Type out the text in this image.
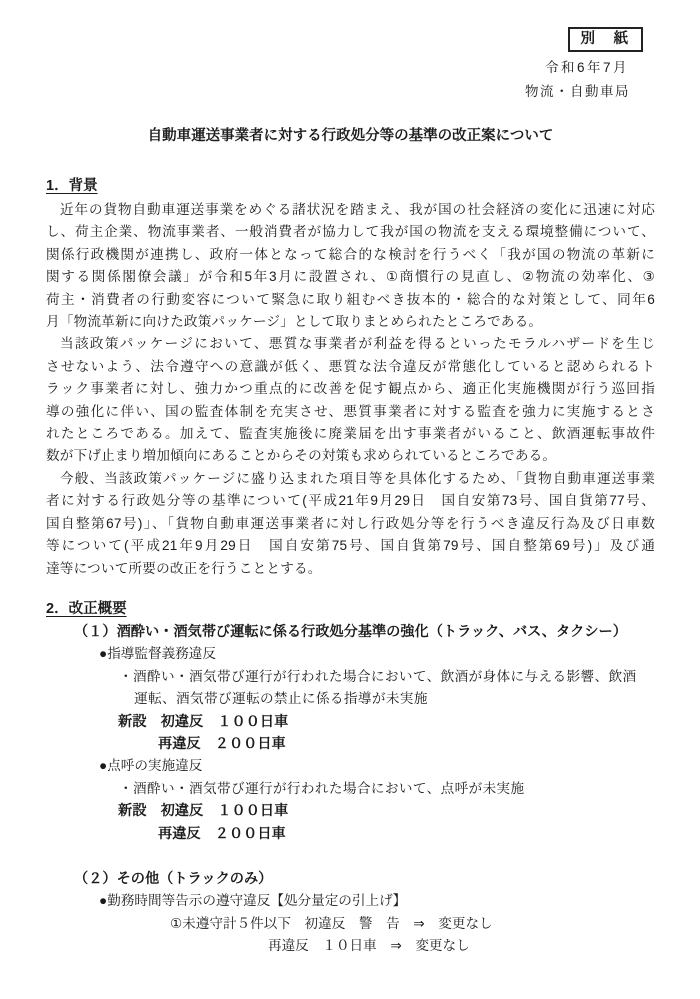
別　紙
令和6年7月
物流・自動車局
自動車運送事業者に対する行政処分等の基準の改正案について
1．背景
近年の貨物自動車運送事業をめぐる諸状況を踏まえ、我が国の社会経済の変化に迅速に対応
し、荷主企業、物流事業者、一般消費者が協力して我が国の物流を支える環境整備について、
関係行政機関が連携し、政府一体となって総合的な検討を行うべく「我が国の物流の革新に
関する関係閣僚会議」が令和5年3月に設置され、①商慣行の見直し、②物流の効率化、③
荷主・消費者の行動変容について緊急に取り組むべき抜本的・総合的な対策として、同年6
月「物流革新に向けた政策パッケージ」として取りまとめられたところである。
当該政策パッケージにおいて、悪質な事業者が利益を得るといったモラルハザードを生じ
させないよう、法令遵守への意識が低く、悪質な法令違反が常態化していると認められるト
ラック事業者に対し、強力かつ重点的に改善を促す観点から、適正化実施機関が行う巡回指
導の強化に伴い、国の監査体制を充実させ、悪質事業者に対する監査を強力に実施するとさ
れたところである。加えて、監査実施後に廃業届を出す事業者がいること、飲酒運転事故件
数が下げ止まり増加傾向にあることからその対策も求められているところである。
今般、当該政策パッケージに盛り込まれた項目等を具体化するため、「貨物自動車運送事業
者に対する行政処分等の基準について(平成21年9月29日　国自安第73号、国自貨第77号、
国自整第67号)」、「貨物自動車運送事業者に対し行政処分等を行うべき違反行為及び日車数
等について(平成21年9月29日　国自安第75号、国自貨第79号、国自整第69号)」及び通
達等について所要の改正を行うこととする。
2．改正概要
（１）酒酔い・酒気帯び運転に係る行政処分基準の強化（トラック、バス、タクシー）
●指導監督義務違反
・酒酔い・酒気帯び運行が行われた場合において、飲酒が身体に与える影響、飲酒
運転、酒気帯び運転の禁止に係る指導が未実施
新設　初違反　１００日車
再違反　２００日車
●点呼の実施違反
・酒酔い・酒気帯び運行が行われた場合において、点呼が未実施
新設　初違反　１００日車
再違反　２００日車
（２）その他（トラックのみ）
●勤務時間等告示の遵守違反【処分量定の引上げ】
①未遵守計５件以下　初違反　警　告　⇒　変更なし
再違反　１０日車　⇒　変更なし
